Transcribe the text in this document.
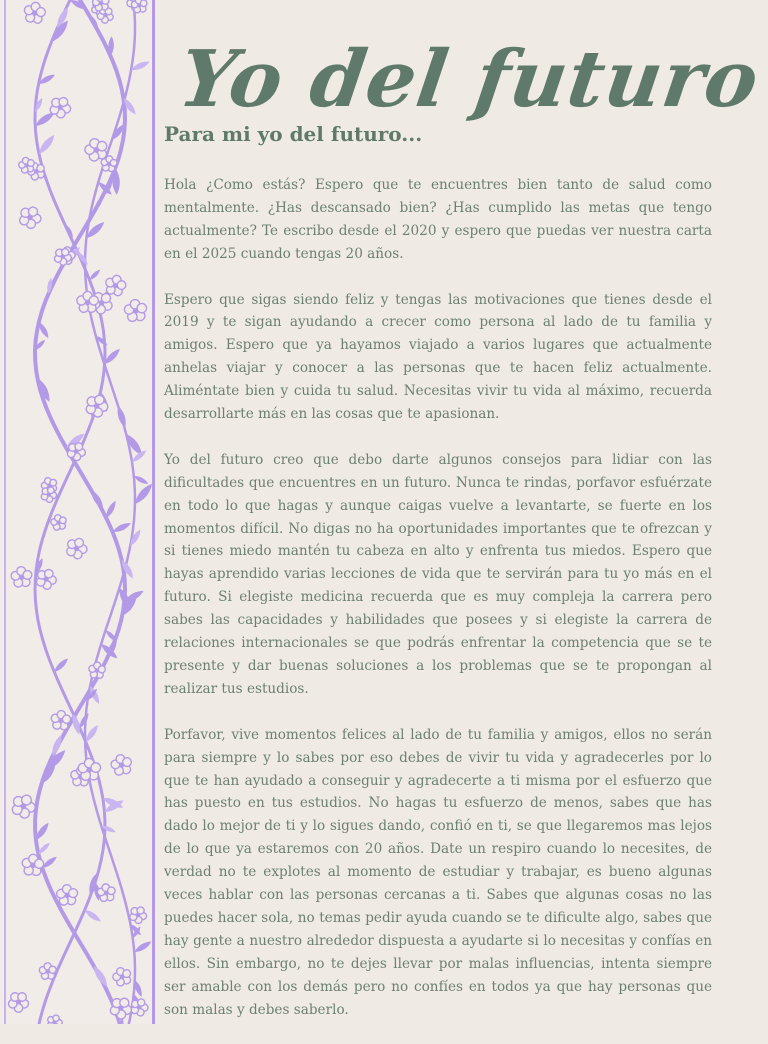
Yo del futuro
Para mi yo del futuro...

Hola ¿Como estás? Espero que te encuentres bien tanto de salud como mentalmente. ¿Has descansado bien? ¿Has cumplido las metas que tengo actualmente? Te escribo desde el 2020 y espero que puedas ver nuestra carta en el 2025 cuando tengas 20 años.

Espero que sigas siendo feliz y tengas las motivaciones que tienes desde el 2019 y te sigan ayudando a crecer como persona al lado de tu familia y amigos. Espero que ya hayamos viajado a varios lugares que actualmente anhelas viajar y conocer a las personas que te hacen feliz actualmente. Aliméntate bien y cuida tu salud. Necesitas vivir tu vida al máximo, recuerda desarrollarte más en las cosas que te apasionan.

Yo del futuro creo que debo darte algunos consejos para lidiar con las dificultades que encuentres en un futuro. Nunca te rindas, porfavor esfuérzate en todo lo que hagas y aunque caigas vuelve a levantarte, se fuerte en los momentos difícil. No digas no ha oportunidades importantes que te ofrezcan y si tienes miedo mantén tu cabeza en alto y enfrenta tus miedos. Espero que hayas aprendido varias lecciones de vida que te servirán para tu yo más en el futuro. Si elegiste medicina recuerda que es muy compleja la carrera pero sabes las capacidades y habilidades que posees y si elegiste la carrera de relaciones internacionales se que podrás enfrentar la competencia que se te presente y dar buenas soluciones a los problemas que se te propongan al realizar tus estudios.

Porfavor, vive momentos felices al lado de tu familia y amigos, ellos no serán para siempre y lo sabes por eso debes de vivir tu vida y agradecerles por lo que te han ayudado a conseguir y agradecerte a ti misma por el esfuerzo que has puesto en tus estudios. No hagas tu esfuerzo de menos, sabes que has dado lo mejor de ti y lo sigues dando, confió en ti, se que llegaremos mas lejos de lo que ya estaremos con 20 años. Date un respiro cuando lo necesites, de verdad no te explotes al momento de estudiar y trabajar, es bueno algunas veces hablar con las personas cercanas a ti. Sabes que algunas cosas no las puedes hacer sola, no temas pedir ayuda cuando se te dificulte algo, sabes que hay gente a nuestro alrededor dispuesta a ayudarte si lo necesitas y confías en ellos. Sin embargo, no te dejes llevar por malas influencias, intenta siempre ser amable con los demás pero no confíes en todos ya que hay personas que son malas y debes saberlo.
